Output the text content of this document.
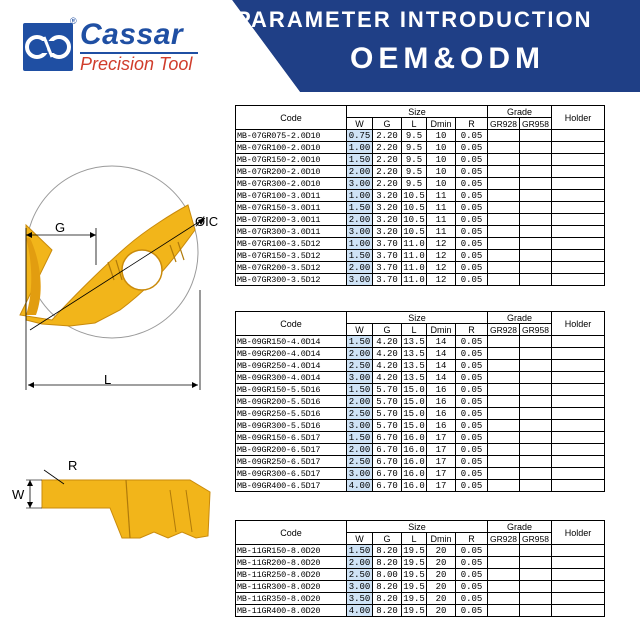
Cassar
®
Precision Tool
PARAMETER INTRODUCTION
OEM&ODM
G	ØIC
L
R
W
Code	Size					Grade		Holder
	W	G	L	Dmin	R	GR928	GR958	
MB-07GR075-2.0D10	0.75	2.20	9.5	10	0.05			
MB-07GR100-2.0D10	1.00	2.20	9.5	10	0.05			
MB-07GR150-2.0D10	1.50	2.20	9.5	10	0.05			
MB-07GR200-2.0D10	2.00	2.20	9.5	10	0.05			
MB-07GR300-2.0D10	3.00	2.20	9.5	10	0.05			
MB-07GR100-3.0D11	1.00	3.20	10.5	11	0.05			
MB-07GR150-3.0D11	1.50	3.20	10.5	11	0.05			
MB-07GR200-3.0D11	2.00	3.20	10.5	11	0.05			
MB-07GR300-3.0D11	3.00	3.20	10.5	11	0.05			
MB-07GR100-3.5D12	1.00	3.70	11.0	12	0.05			
MB-07GR150-3.5D12	1.50	3.70	11.0	12	0.05			
MB-07GR200-3.5D12	2.00	3.70	11.0	12	0.05			
MB-07GR300-3.5D12	3.00	3.70	11.0	12	0.05			
Code	Size					Grade		Holder
	W	G	L	Dmin	R	GR928	GR958	
MB-09GR150-4.0D14	1.50	4.20	13.5	14	0.05			
MB-09GR200-4.0D14	2.00	4.20	13.5	14	0.05			
MB-09GR250-4.0D14	2.50	4.20	13.5	14	0.05			
MB-09GR300-4.0D14	3.00	4.20	13.5	14	0.05			
MB-09GR150-5.5D16	1.50	5.70	15.0	16	0.05			
MB-09GR200-5.5D16	2.00	5.70	15.0	16	0.05			
MB-09GR250-5.5D16	2.50	5.70	15.0	16	0.05			
MB-09GR300-5.5D16	3.00	5.70	15.0	16	0.05			
MB-09GR150-6.5D17	1.50	6.70	16.0	17	0.05			
MB-09GR200-6.5D17	2.00	6.70	16.0	17	0.05			
MB-09GR250-6.5D17	2.50	6.70	16.0	17	0.05			
MB-09GR300-6.5D17	3.00	6.70	16.0	17	0.05			
MB-09GR400-6.5D17	4.00	6.70	16.0	17	0.05			
Code	Size					Grade		Holder
	W	G	L	Dmin	R	GR928	GR958	
MB-11GR150-8.0D20	1.50	8.20	19.5	20	0.05			
MB-11GR200-8.0D20	2.00	8.20	19.5	20	0.05			
MB-11GR250-8.0D20	2.50	8.00	19.5	20	0.05			
MB-11GR300-8.0D20	3.00	8.20	19.5	20	0.05			
MB-11GR350-8.0D20	3.50	8.20	19.5	20	0.05			
MB-11GR400-8.0D20	4.00	8.20	19.5	20	0.05			
